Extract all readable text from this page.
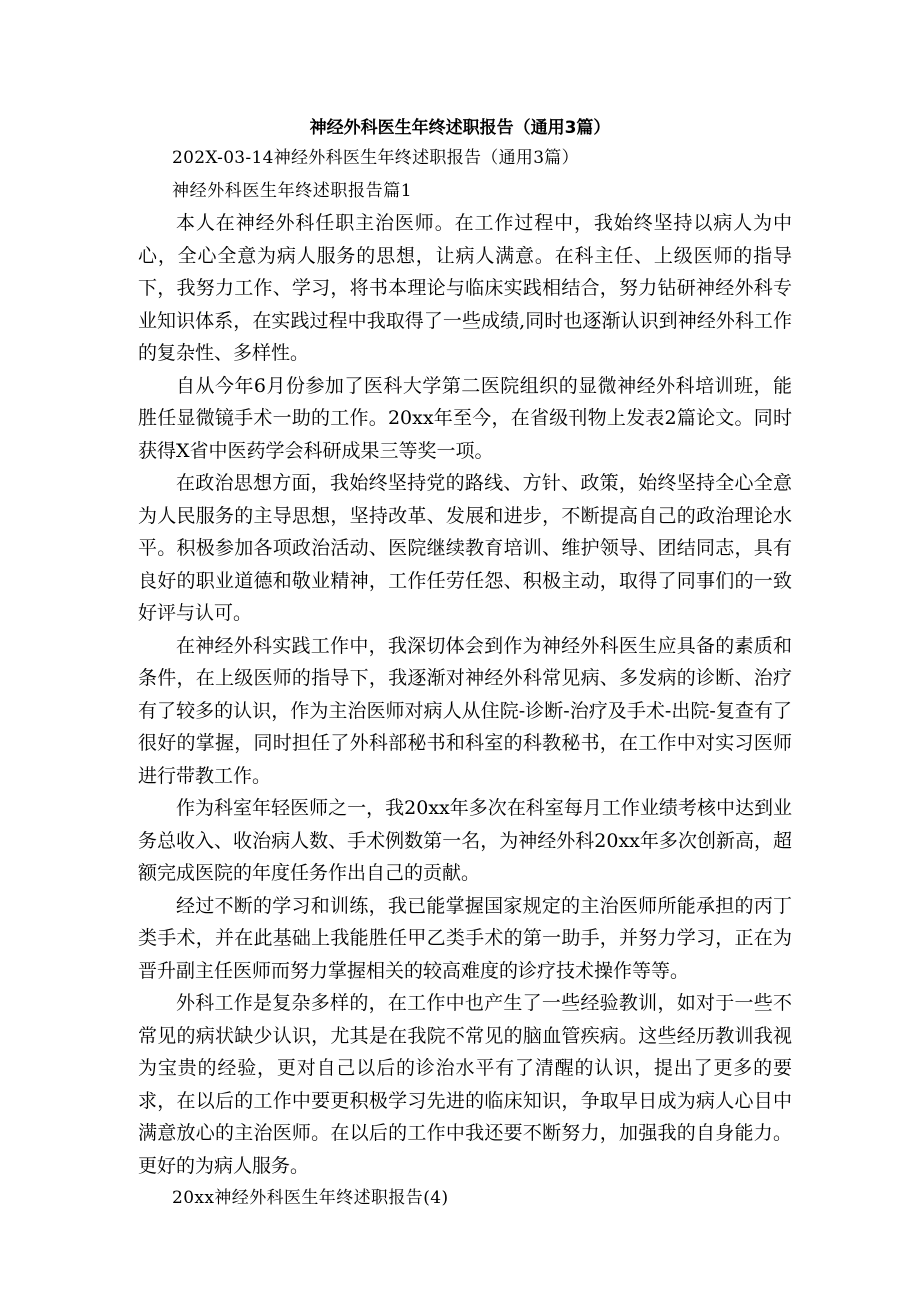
神经外科医生年终述职报告（通用3篇）

202X-03-14神经外科医生年终述职报告（通用3篇）

神经外科医生年终述职报告篇1

本人在神经外科任职主治医师。在工作过程中，我始终坚持以病人为中心，全心全意为病人服务的思想，让病人满意。在科主任、上级医师的指导下，我努力工作、学习，将书本理论与临床实践相结合，努力钻研神经外科专业知识体系，在实践过程中我取得了一些成绩,同时也逐渐认识到神经外科工作的复杂性、多样性。

自从今年6月份参加了医科大学第二医院组织的显微神经外科培训班，能胜任显微镜手术一助的工作。20xx年至今，在省级刊物上发表2篇论文。同时获得X省中医药学会科研成果三等奖一项。

在政治思想方面，我始终坚持党的路线、方针、政策，始终坚持全心全意为人民服务的主导思想，坚持改革、发展和进步，不断提高自己的政治理论水平。积极参加各项政治活动、医院继续教育培训、维护领导、团结同志，具有良好的职业道德和敬业精神，工作任劳任怨、积极主动，取得了同事们的一致好评与认可。

在神经外科实践工作中，我深切体会到作为神经外科医生应具备的素质和条件，在上级医师的指导下，我逐渐对神经外科常见病、多发病的诊断、治疗有了较多的认识，作为主治医师对病人从住院-诊断-治疗及手术-出院-复查有了很好的掌握，同时担任了外科部秘书和科室的科教秘书，在工作中对实习医师进行带教工作。

作为科室年轻医师之一，我20xx年多次在科室每月工作业绩考核中达到业务总收入、收治病人数、手术例数第一名，为神经外科20xx年多次创新高，超额完成医院的年度任务作出自己的贡献。

经过不断的学习和训练，我已能掌握国家规定的主治医师所能承担的丙丁类手术，并在此基础上我能胜任甲乙类手术的第一助手，并努力学习，正在为晋升副主任医师而努力掌握相关的较高难度的诊疗技术操作等等。

外科工作是复杂多样的，在工作中也产生了一些经验教训，如对于一些不常见的病状缺少认识，尤其是在我院不常见的脑血管疾病。这些经历教训我视为宝贵的经验，更对自己以后的诊治水平有了清醒的认识，提出了更多的要求，在以后的工作中要更积极学习先进的临床知识，争取早日成为病人心目中满意放心的主治医师。在以后的工作中我还要不断努力，加强我的自身能力。更好的为病人服务。

20xx神经外科医生年终述职报告(4)
